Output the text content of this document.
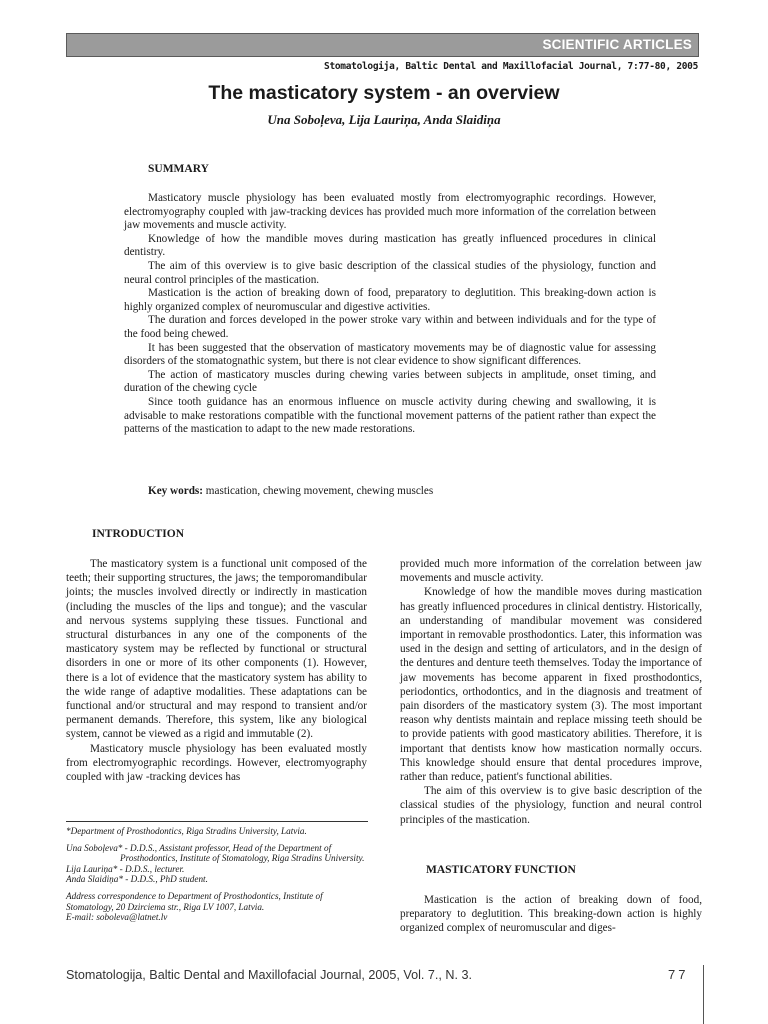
SCIENTIFIC ARTICLES
Stomatologija, Baltic Dental and Maxillofacial Journal, 7:77-80, 2005
The masticatory system - an overview
Una Soboļeva, Lija Lauriņa, Anda Slaidiņa
SUMMARY

Masticatory muscle physiology has been evaluated mostly from electromyographic recordings. However, electromyography coupled with jaw-tracking devices has provided much more information of the correlation between jaw movements and muscle activity.

Knowledge of how the mandible moves during mastication has greatly influenced procedures in clinical dentistry.

The aim of this overview is to give basic description of the classical studies of the physiology, function and neural control principles of the mastication.

Mastication is the action of breaking down of food, preparatory to deglutition. This breaking-down action is highly organized complex of neuromuscular and digestive activities.

The duration and forces developed in the power stroke vary within and between individuals and for the type of the food being chewed.

It has been suggested that the observation of masticatory movements may be of diagnostic value for assessing disorders of the stomatognathic system, but there is not clear evidence to show significant differences.

The action of masticatory muscles during chewing varies between subjects in amplitude, onset timing, and duration of the chewing cycle

Since tooth guidance has an enormous influence on muscle activity during chewing and swallowing, it is advisable to make restorations compatible with the functional movement patterns of the patient rather than expect the patterns of the mastication to adapt to the new made restorations.

Key words: mastication, chewing movement, chewing muscles
INTRODUCTION

The masticatory system is a functional unit composed of the teeth; their supporting structures, the jaws; the temporomandibular joints; the muscles involved directly or indirectly in mastication (including the muscles of the lips and tongue); and the vascular and nervous systems supplying these tissues. Functional and structural disturbances in any one of the components of the masticatory system may be reflected by functional or structural disorders in one or more of its other components (1). However, there is a lot of evidence that the masticatory system has ability to the wide range of adaptive modalities. These adaptations can be functional and/or structural and may respond to transient and/or permanent demands. Therefore, this system, like any biological system, cannot be viewed as a rigid and immutable (2).

Masticatory muscle physiology has been evaluated mostly from electromyographic recordings. However, electromyography coupled with jaw -tracking devices has

*Department of Prosthodontics, Riga Stradins University, Latvia.

Una Soboļeva* - D.D.S., Assistant professor, Head of the Department of Prosthodontics, Institute of Stomatology, Riga Stradins University.

Lija Lauriņa* - D.D.S., lecturer.

Anda Slaidiņa* - D.D.S., PhD student.

Address correspondence to Department of Prosthodontics, Institute of Stomatology, 20 Dzirciema str., Riga LV 1007, Latvia.

E-mail: soboleva@latnet.lv

provided much more information of the correlation between jaw movements and muscle activity.

Knowledge of how the mandible moves during mastication has greatly influenced procedures in clinical dentistry. Historically, an understanding of mandibular movement was considered important in removable prosthodontics. Later, this information was used in the design and setting of articulators, and in the design of the dentures and denture teeth themselves. Today the importance of jaw movements has become apparent in fixed prosthodontics, periodontics, orthodontics, and in the diagnosis and treatment of pain disorders of the masticatory system (3). The most important reason why dentists maintain and replace missing teeth should be to provide patients with good masticatory abilities. Therefore, it is important that dentists know how mastication normally occurs. This knowledge should ensure that dental procedures improve, rather than reduce, patient's functional abilities.

The aim of this overview is to give basic description of the classical studies of the physiology, function and neural control principles of the mastication.

MASTICATORY FUNCTION

Mastication is the action of breaking down of food, preparatory to deglutition. This breaking-down action is highly organized complex of neuromuscular and diges-

Stomatologija, Baltic Dental and Maxillofacial Journal, 2005, Vol. 7., N. 3.	77
